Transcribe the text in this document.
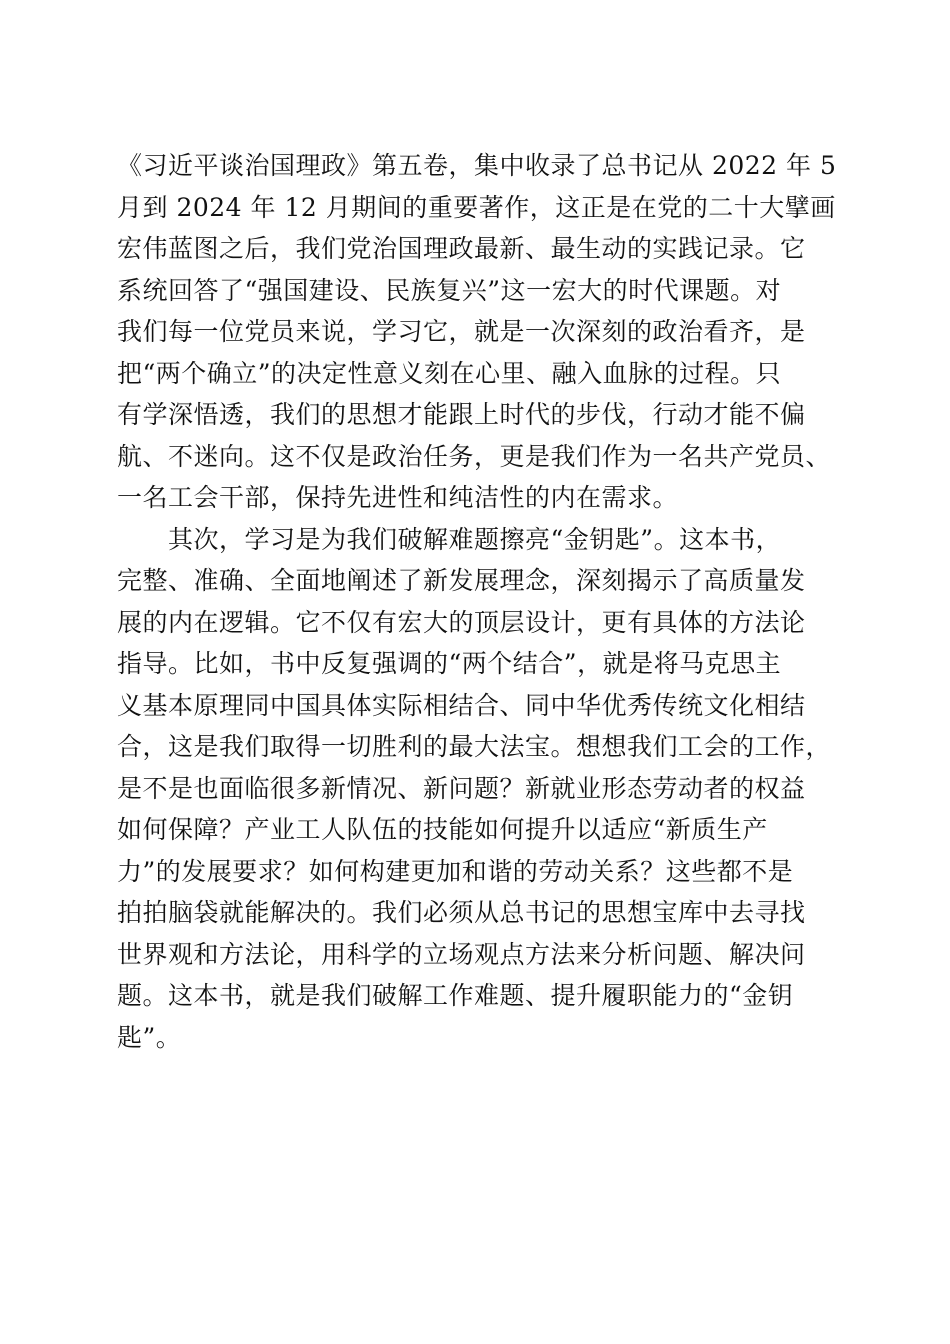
《习近平谈治国理政》第五卷，集中收录了总书记从 2022 年 5
月到 2024 年 12 月期间的重要著作，这正是在党的二十大擘画
宏伟蓝图之后，我们党治国理政最新、最生动的实践记录。它
系统回答了“强国建设、民族复兴”这一宏大的时代课题。对
我们每一位党员来说，学习它，就是一次深刻的政治看齐，是
把“两个确立”的决定性意义刻在心里、融入血脉的过程。只
有学深悟透，我们的思想才能跟上时代的步伐，行动才能不偏
航、不迷向。这不仅是政治任务，更是我们作为一名共产党员、
一名工会干部，保持先进性和纯洁性的内在需求。
　　其次，学习是为我们破解难题擦亮“金钥匙”。这本书，
完整、准确、全面地阐述了新发展理念，深刻揭示了高质量发
展的内在逻辑。它不仅有宏大的顶层设计，更有具体的方法论
指导。比如，书中反复强调的“两个结合”，就是将马克思主
义基本原理同中国具体实际相结合、同中华优秀传统文化相结
合，这是我们取得一切胜利的最大法宝。想想我们工会的工作，
是不是也面临很多新情况、新问题？新就业形态劳动者的权益
如何保障？产业工人队伍的技能如何提升以适应“新质生产
力”的发展要求？如何构建更加和谐的劳动关系？这些都不是
拍拍脑袋就能解决的。我们必须从总书记的思想宝库中去寻找
世界观和方法论，用科学的立场观点方法来分析问题、解决问
题。这本书，就是我们破解工作难题、提升履职能力的“金钥
匙”。
